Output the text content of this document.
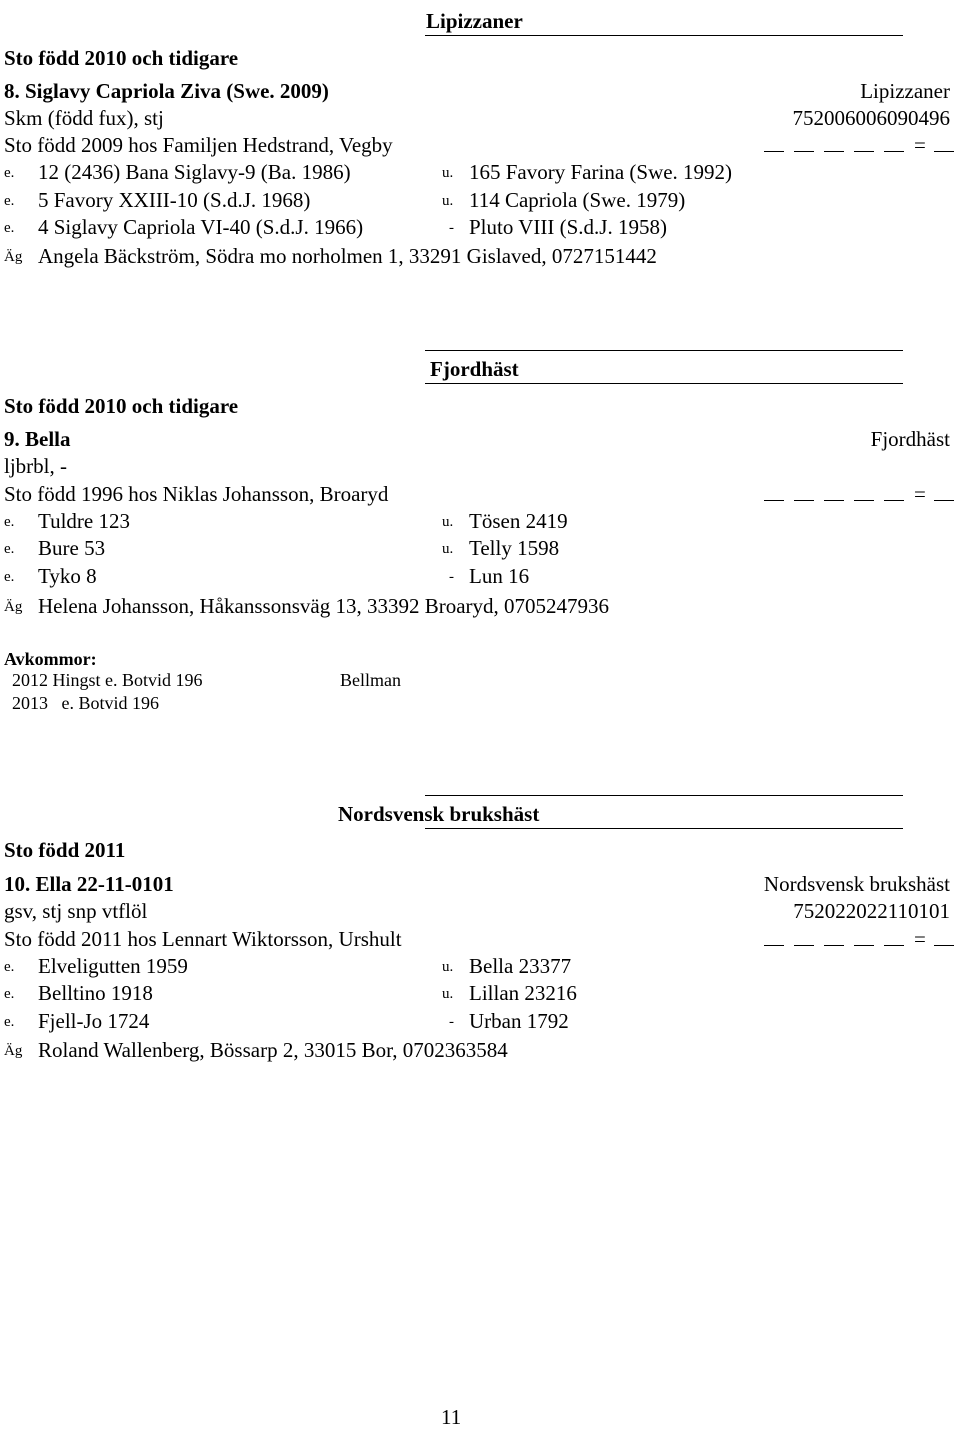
Lipizzaner
Sto född 2010 och tidigare
8. Siglavy Capriola Ziva (Swe. 2009)	Lipizzaner
Skm (född fux), stj	752006006090496
Sto född 2009 hos Familjen Hedstrand, Vegby	=
e. 12 (2436) Bana Siglavy-9 (Ba. 1986)	u. 165 Favory Farina (Swe. 1992)
e. 5 Favory XXIII-10 (S.d.J. 1968)	u. 114 Capriola (Swe. 1979)
e. 4 Siglavy Capriola VI-40 (S.d.J. 1966)	- Pluto VIII (S.d.J. 1958)
Äg Angela Bäckström, Södra mo norholmen 1, 33291 Gislaved, 0727151442
Fjordhäst
Sto född 2010 och tidigare
9. Bella	Fjordhäst
ljbrbl, -
Sto född 1996 hos Niklas Johansson, Broaryd	=
e. Tuldre 123	u. Tösen 2419
e. Bure 53	u. Telly 1598
e. Tyko 8	- Lun 16
Äg Helena Johansson, Håkanssonsväg 13, 33392 Broaryd, 0705247936
Avkommor:
2012 Hingst e. Botvid 196	Bellman
2013   e. Botvid 196
Nordsvensk brukshäst
Sto född 2011
10. Ella 22-11-0101	Nordsvensk brukshäst
gsv, stj snp vtflöl	752022022110101
Sto född 2011 hos Lennart Wiktorsson, Urshult	=
e. Elveligutten 1959	u. Bella 23377
e. Belltino 1918	u. Lillan 23216
e. Fjell-Jo 1724	- Urban 1792
Äg Roland Wallenberg, Bössarp 2, 33015 Bor, 0702363584
11
